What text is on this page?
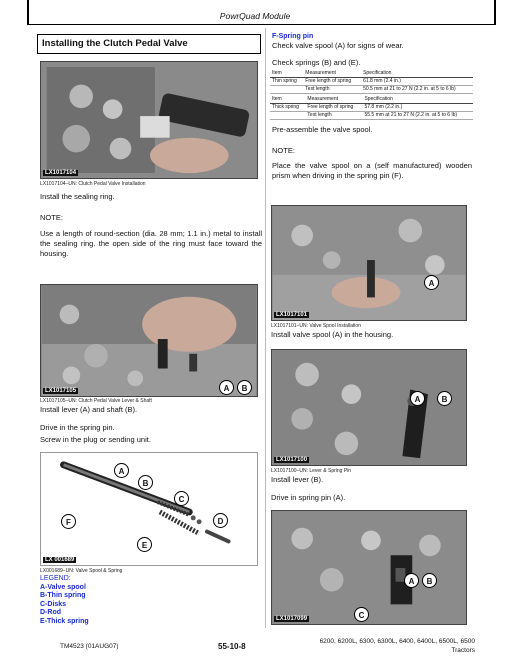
PowrQuad Module
Installing the Clutch Pedal Valve
LX1017104
LX1017104–UN: Clutch Pedal Valve Installation
Install the sealing ring.
NOTE:
Use a length of round-section (dia. 28 mm; 1.1 in.) metal to install the sealing ring. the open side of the ring must face toward the housing.
LX1017105	A	B
LX1017105–UN: Clutch Pedal Valve Lever & Shaft
Install lever (A) and shaft (B).
Drive in the spring pin.
Screw in the plug or sending unit.
LX 001689
A
B
C
D
E
F
LX001689–UN: Valve Spool & Spring
LEGEND:
A-Valve spool
B-Thin spring
C-Disks
D-Rod
E-Thick spring
F-Spring pin
Check valve spool (A) for signs of wear.
Check springs (B) and (E).
Item	Measurement	Specification
Thin spring	Free length of spring	61.8 mm (2.4 in.)
	Test length	50.5 mm at 21 to 27 N (2.2 in. at 5 to 6 lb)
Item	Measurement	Specification
Thick spring	Free length of spring	57.8 mm (2.2 in.)
	Test length	55.5 mm at 21 to 27 N (2.2 in. at 5 to 6 lb)
Pre-assemble the valve spool.
NOTE:
Place the valve spool on a (self manufactured) wooden prism when driving in the spring pin (F).
LX1017101
A
LX1017101–UN: Valve Spool Installation
Install valve spool (A) in the housing.
LX1017100
A	B
LX1017100–UN: Lever & Spring Pin
Install lever (B).
Drive in spring pin (A).
LX1017099
A	B
C
TM4523 (01AUG07)	55-10-8
6200, 6200L, 6300, 6300L, 6400, 6400L, 6500L, 6500
Tractors
